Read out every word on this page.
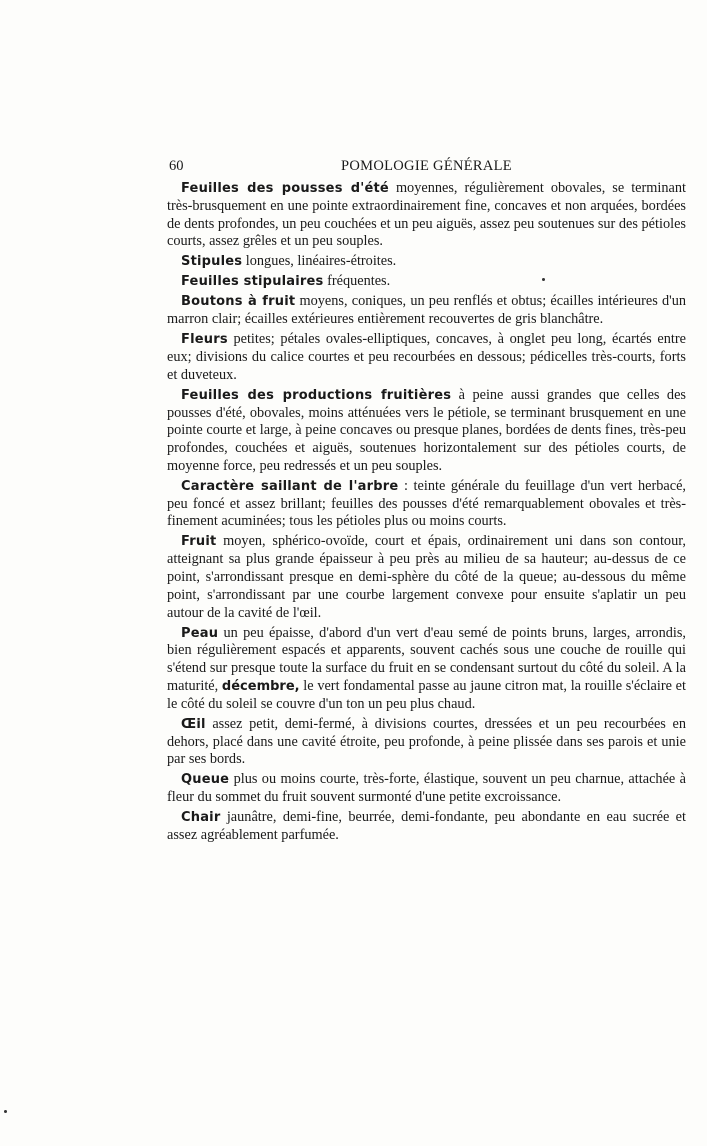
60	POMOLOGIE GÉNÉRALE

Feuilles des pousses d'été moyennes, régulièrement obovales, se terminant très-brusquement en une pointe extraordinairement fine, concaves et non arquées, bordées de dents profondes, un peu couchées et un peu aiguës, assez peu soutenues sur des pétioles courts, assez grêles et un peu souples.

Stipules longues, linéaires-étroites.

Feuilles stipulaires fréquentes.

Boutons à fruit moyens, coniques, un peu renflés et obtus; écailles intérieures d'un marron clair; écailles extérieures entièrement recouvertes de gris blanchâtre.

Fleurs petites; pétales ovales-elliptiques, concaves, à onglet peu long, écartés entre eux; divisions du calice courtes et peu recourbées en dessous; pédicelles très-courts, forts et duveteux.

Feuilles des productions fruitières à peine aussi grandes que celles des pousses d'été, obovales, moins atténuées vers le pétiole, se terminant brusquement en une pointe courte et large, à peine concaves ou presque planes, bordées de dents fines, très-peu profondes, couchées et aiguës, soutenues horizontalement sur des pétioles courts, de moyenne force, peu redressés et un peu souples.

Caractère saillant de l'arbre : teinte générale du feuillage d'un vert herbacé, peu foncé et assez brillant; feuilles des pousses d'été remarquablement obovales et très-finement acuminées; tous les pétioles plus ou moins courts.

Fruit moyen, sphérico-ovoïde, court et épais, ordinairement uni dans son contour, atteignant sa plus grande épaisseur à peu près au milieu de sa hauteur; au-dessus de ce point, s'arrondissant presque en demi-sphère du côté de la queue; au-dessous du même point, s'arrondissant par une courbe largement convexe pour ensuite s'aplatir un peu autour de la cavité de l'œil.

Peau un peu épaisse, d'abord d'un vert d'eau semé de points bruns, larges, arrondis, bien régulièrement espacés et apparents, souvent cachés sous une couche de rouille qui s'étend sur presque toute la surface du fruit en se condensant surtout du côté du soleil. A la maturité, décembre, le vert fondamental passe au jaune citron mat, la rouille s'éclaire et le côté du soleil se couvre d'un ton un peu plus chaud.

Œil assez petit, demi-fermé, à divisions courtes, dressées et un peu recourbées en dehors, placé dans une cavité étroite, peu profonde, à peine plissée dans ses parois et unie par ses bords.

Queue plus ou moins courte, très-forte, élastique, souvent un peu charnue, attachée à fleur du sommet du fruit souvent surmonté d'une petite excroissance.

Chair jaunâtre, demi-fine, beurrée, demi-fondante, peu abondante en eau sucrée et assez agréablement parfumée.
